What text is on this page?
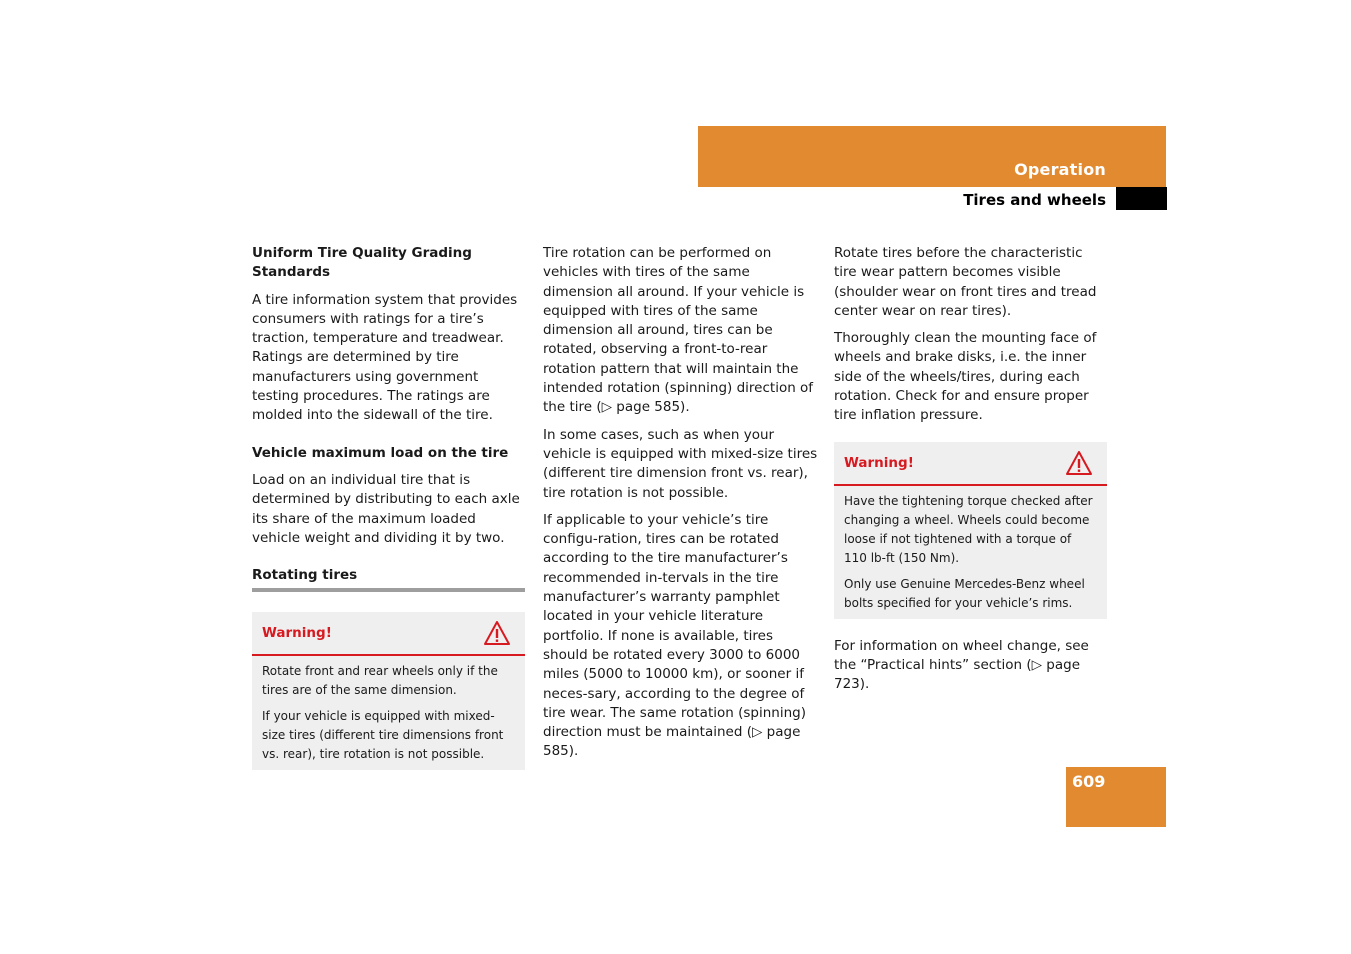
Operation
Tires and wheels
Uniform Tire Quality Grading Standards

A tire information system that provides consumers with ratings for a tire’s traction, temperature and treadwear. Ratings are determined by tire manufacturers using government testing procedures. The ratings are molded into the sidewall of the tire.

Vehicle maximum load on the tire

Load on an individual tire that is determined by distributing to each axle its share of the maximum loaded vehicle weight and dividing it by two.

Rotating tires
Warning!

Rotate front and rear wheels only if the tires are of the same dimension.

If your vehicle is equipped with mixed-size tires (different tire dimensions front vs. rear), tire rotation is not possible.

Tire rotation can be performed on vehicles with tires of the same dimension all around. If your vehicle is equipped with tires of the same dimension all around, tires can be rotated, observing a front-to-rear rotation pattern that will maintain the intended rotation (spinning) direction of the tire (▷ page 585).

In some cases, such as when your vehicle is equipped with mixed-size tires (different tire dimension front vs. rear), tire rotation is not possible.

If applicable to your vehicle’s tire configu-ration, tires can be rotated according to the tire manufacturer’s recommended in-tervals in the tire manufacturer’s warranty pamphlet located in your vehicle literature portfolio. If none is available, tires should be rotated every 3000 to 6000 miles (5000 to 10000 km), or sooner if neces-sary, according to the degree of tire wear. The same rotation (spinning) direction must be maintained (▷ page 585).

Rotate tires before the characteristic tire wear pattern becomes visible (shoulder wear on front tires and tread center wear on rear tires).

Thoroughly clean the mounting face of wheels and brake disks, i.e. the inner side of the wheels/tires, during each rotation. Check for and ensure proper tire inflation pressure.

Warning!

Have the tightening torque checked after changing a wheel. Wheels could become loose if not tightened with a torque of 110 lb-ft (150 Nm).

Only use Genuine Mercedes-Benz wheel bolts specified for your vehicle’s rims.

For information on wheel change, see the “Practical hints” section (▷ page 723).

609
